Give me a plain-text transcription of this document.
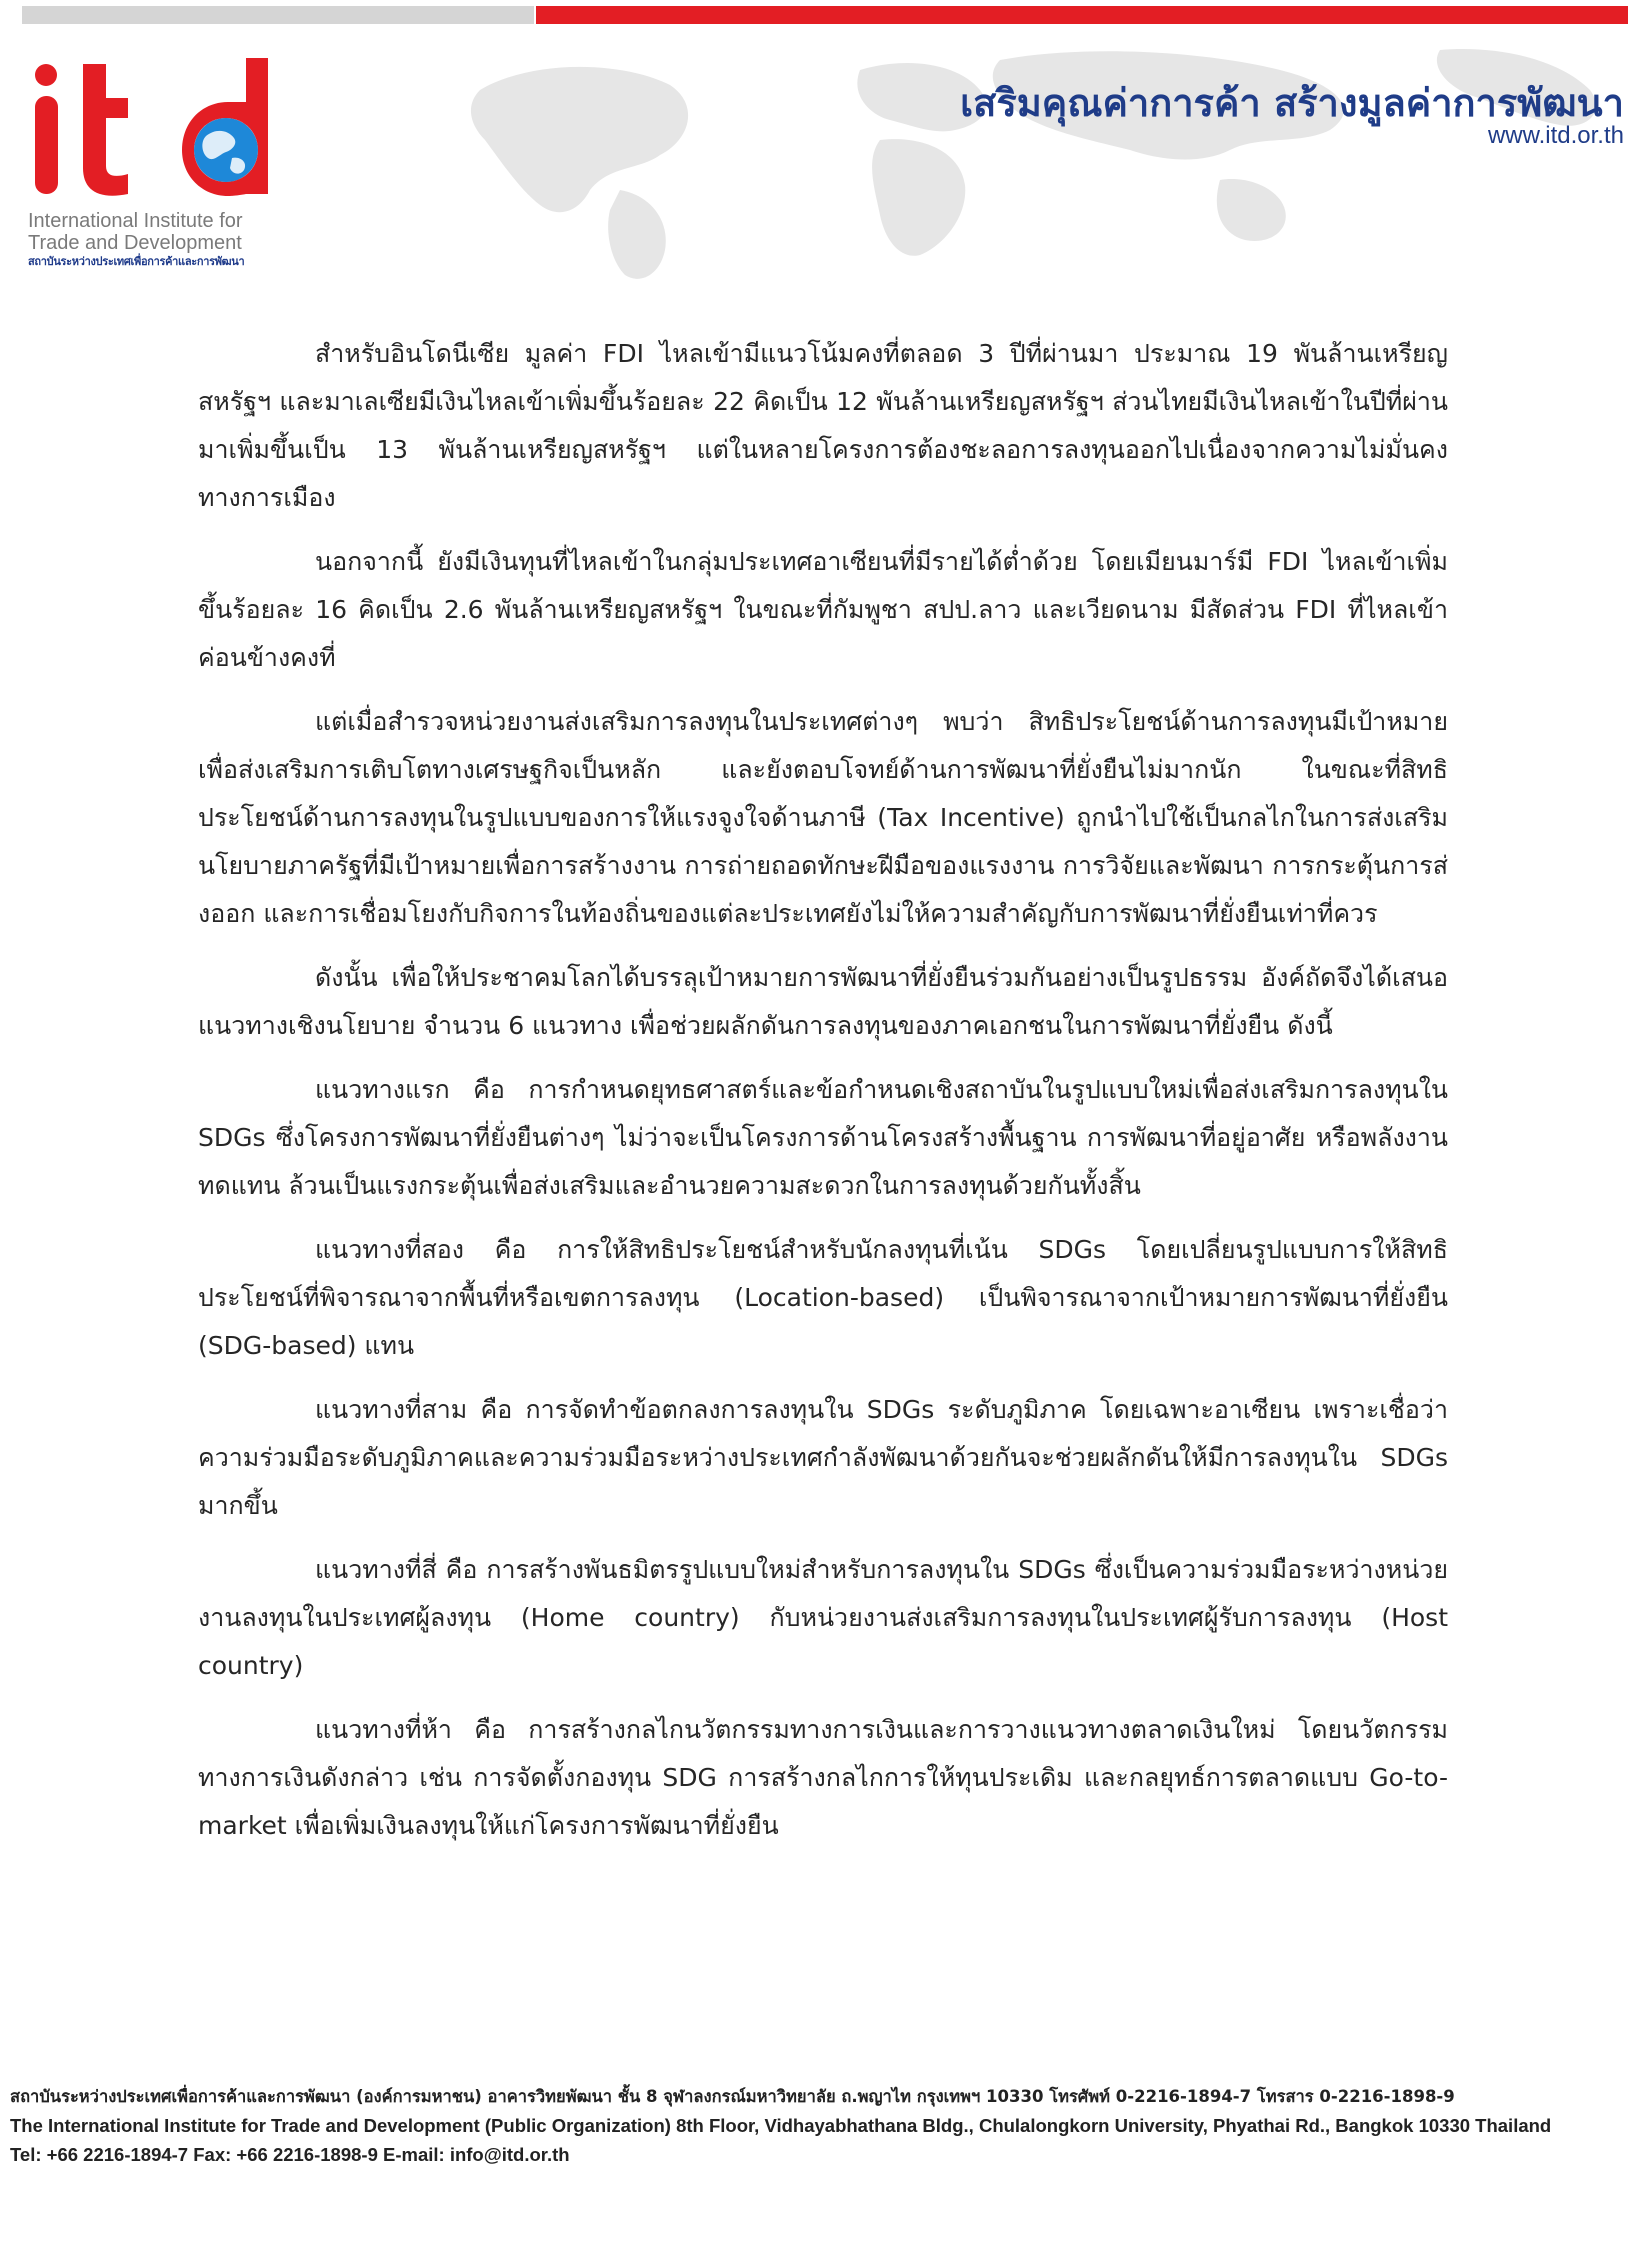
International Institute for
Trade and Development
สถาบันระหว่างประเทศเพื่อการค้าและการพัฒนา
เสริมคุณค่าการค้า สร้างมูลค่าการพัฒนา
www.itd.or.th

สำหรับอินโดนีเซีย มูลค่า FDI ไหลเข้ามีแนวโน้มคงที่ตลอด 3 ปีที่ผ่านมา ประมาณ 19 พันล้านเหรียญสหรัฐฯ และมาเลเซียมีเงินไหลเข้าเพิ่มขึ้นร้อยละ 22 คิดเป็น 12 พันล้านเหรียญสหรัฐฯ ส่วนไทยมีเงินไหลเข้าในปีที่ผ่านมาเพิ่มขึ้นเป็น 13 พันล้านเหรียญสหรัฐฯ แต่ในหลายโครงการต้องชะลอการลงทุนออกไปเนื่องจากความไม่มั่นคงทางการเมือง

นอกจากนี้ ยังมีเงินทุนที่ไหลเข้าในกลุ่มประเทศอาเซียนที่มีรายได้ต่ำด้วย โดยเมียนมาร์มี FDI ไหลเข้าเพิ่มขึ้นร้อยละ 16 คิดเป็น 2.6 พันล้านเหรียญสหรัฐฯ ในขณะที่กัมพูชา สปป.ลาว และเวียดนาม มีสัดส่วน FDI ที่ไหลเข้าค่อนข้างคงที่

แต่เมื่อสำรวจหน่วยงานส่งเสริมการลงทุนในประเทศต่างๆ พบว่า สิทธิประโยชน์ด้านการลงทุนมีเป้าหมายเพื่อส่งเสริมการเติบโตทางเศรษฐกิจเป็นหลัก และยังตอบโจทย์ด้านการพัฒนาที่ยั่งยืนไม่มากนัก ในขณะที่สิทธิประโยชน์ด้านการลงทุนในรูปแบบของการให้แรงจูงใจด้านภาษี (Tax Incentive) ถูกนำไปใช้เป็นกลไกในการส่งเสริมนโยบายภาครัฐที่มีเป้าหมายเพื่อการสร้างงาน การถ่ายถอดทักษะฝีมือของแรงงาน การวิจัยและพัฒนา การกระตุ้นการส่งออก และการเชื่อมโยงกับกิจการในท้องถิ่นของแต่ละประเทศยังไม่ให้ความสำคัญกับการพัฒนาที่ยั่งยืนเท่าที่ควร

ดังนั้น เพื่อให้ประชาคมโลกได้บรรลุเป้าหมายการพัฒนาที่ยั่งยืนร่วมกันอย่างเป็นรูปธรรม อังค์ถัดจึงได้เสนอแนวทางเชิงนโยบาย จำนวน 6 แนวทาง เพื่อช่วยผลักดันการลงทุนของภาคเอกชนในการพัฒนาที่ยั่งยืน ดังนี้

แนวทางแรก คือ การกำหนดยุทธศาสตร์และข้อกำหนดเชิงสถาบันในรูปแบบใหม่เพื่อส่งเสริมการลงทุนใน SDGs ซึ่งโครงการพัฒนาที่ยั่งยืนต่างๆ ไม่ว่าจะเป็นโครงการด้านโครงสร้างพื้นฐาน การพัฒนาที่อยู่อาศัย หรือพลังงานทดแทน ล้วนเป็นแรงกระตุ้นเพื่อส่งเสริมและอำนวยความสะดวกในการลงทุนด้วยกันทั้งสิ้น

แนวทางที่สอง คือ การให้สิทธิประโยชน์สำหรับนักลงทุนที่เน้น SDGs โดยเปลี่ยนรูปแบบการให้สิทธิประโยชน์ที่พิจารณาจากพื้นที่หรือเขตการลงทุน (Location-based) เป็นพิจารณาจากเป้าหมายการพัฒนาที่ยั่งยืน (SDG-based) แทน

แนวทางที่สาม คือ การจัดทำข้อตกลงการลงทุนใน SDGs ระดับภูมิภาค โดยเฉพาะอาเซียน เพราะเชื่อว่า ความร่วมมือระดับภูมิภาคและความร่วมมือระหว่างประเทศกำลังพัฒนาด้วยกันจะช่วยผลักดันให้มีการลงทุนใน SDGs มากขึ้น

แนวทางที่สี่ คือ การสร้างพันธมิตรรูปแบบใหม่สำหรับการลงทุนใน SDGs ซึ่งเป็นความร่วมมือระหว่างหน่วยงานลงทุนในประเทศผู้ลงทุน (Home country) กับหน่วยงานส่งเสริมการลงทุนในประเทศผู้รับการลงทุน (Host country)

แนวทางที่ห้า คือ การสร้างกลไกนวัตกรรมทางการเงินและการวางแนวทางตลาดเงินใหม่ โดยนวัตกรรมทางการเงินดังกล่าว เช่น การจัดตั้งกองทุน SDG การสร้างกลไกการให้ทุนประเดิม และกลยุทธ์การตลาดแบบ Go-to-market เพื่อเพิ่มเงินลงทุนให้แก่โครงการพัฒนาที่ยั่งยืน

สถาบันระหว่างประเทศเพื่อการค้าและการพัฒนา (องค์การมหาชน) อาคารวิทยพัฒนา ชั้น 8 จุฬาลงกรณ์มหาวิทยาลัย ถ.พญาไท กรุงเทพฯ 10330 โทรศัพท์ 0-2216-1894-7 โทรสาร 0-2216-1898-9
The International Institute for Trade and Development (Public Organization) 8th Floor, Vidhayabhathana Bldg., Chulalongkorn University, Phyathai Rd., Bangkok 10330 Thailand
Tel: +66 2216-1894-7 Fax: +66 2216-1898-9 E-mail: info@itd.or.th
